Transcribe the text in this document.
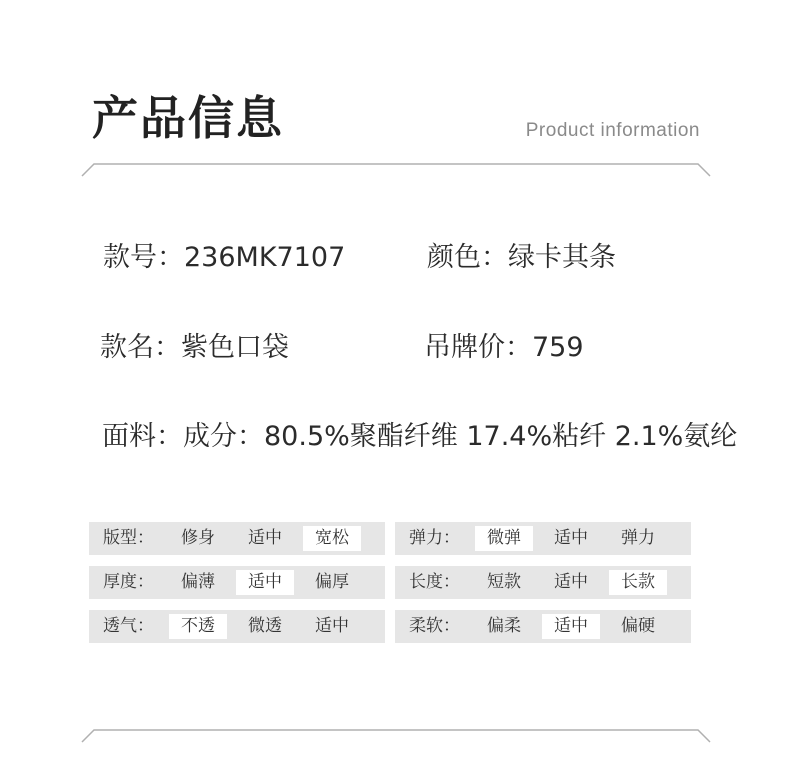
产品信息	Product information
款号：236MK7107	颜色：绿卡其条
款名：紫色口袋	吊牌价：759
面料：成分：80.5%聚酯纤维 17.4%粘纤 2.1%氨纶
版型：	修身	适中	宽松
厚度：	偏薄	适中	偏厚
透气：	不透	微透	适中
弹力：	微弹	适中	弹力
长度：	短款	适中	长款
柔软：	偏柔	适中	偏硬
